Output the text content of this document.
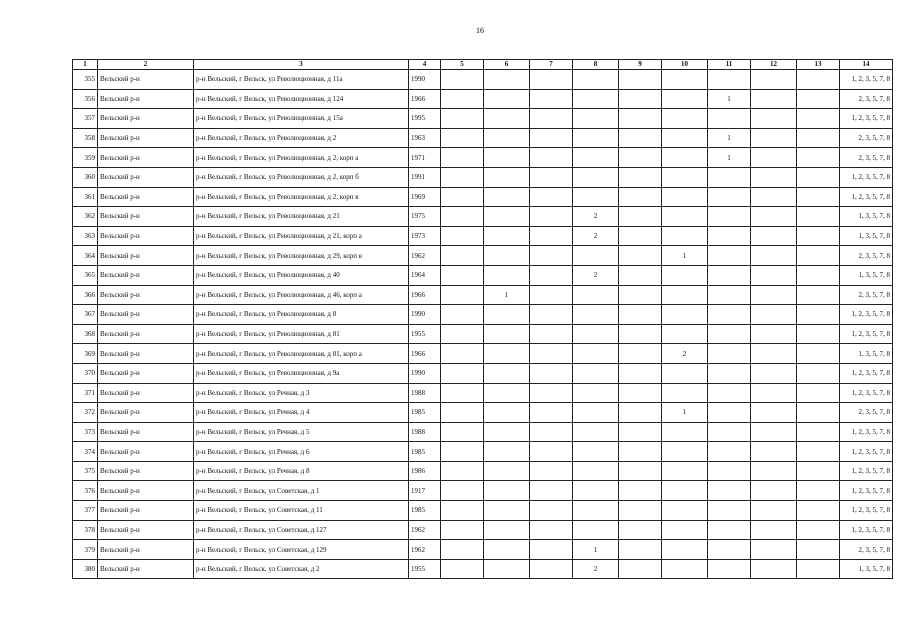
16
1	2	3	4	5	6	7	8	9	10	11	12	13	14
355	Вельский р-н	р-н Вельский, г Вельск, ул Революционная, д 11а	1990										1, 2, 3, 5, 7, 8
356	Вельский р-н	р-н Вельский, г Вельск, ул Революционная, д 124	1966							1			2, 3, 5, 7, 8
357	Вельский р-н	р-н Вельский, г Вельск, ул Революционная, д 15а	1995										1, 2, 3, 5, 7, 8
358	Вельский р-н	р-н Вельский, г Вельск, ул Революционная, д 2	1963							1			2, 3, 5, 7, 8
359	Вельский р-н	р-н Вельский, г Вельск, ул Революционная, д 2, корп а	1971							1			2, 3, 5, 7, 8
360	Вельский р-н	р-н Вельский, г Вельск, ул Революционная, д 2, корп б	1991										1, 2, 3, 5, 7, 8
361	Вельский р-н	р-н Вельский, г Вельск, ул Революционная, д 2, корп в	1969										1, 2, 3, 5, 7, 8
362	Вельский р-н	р-н Вельский, г Вельск, ул Революционная, д 21	1975				2						1, 3, 5, 7, 8
363	Вельский р-н	р-н Вельский, г Вельск, ул Революционная, д 21, корп а	1973				2						1, 3, 5, 7, 8
364	Вельский р-н	р-н Вельский, г Вельск, ул Революционная, д 29, корп в	1962						1				2, 3, 5, 7, 8
365	Вельский р-н	р-н Вельский, г Вельск, ул Революционная, д 40	1964				2						1, 3, 5, 7, 8
366	Вельский р-н	р-н Вельский, г Вельск, ул Революционная, д 46, корп а	1966		1								2, 3, 5, 7, 8
367	Вельский р-н	р-н Вельский, г Вельск, ул Революционная, д 8	1990										1, 2, 3, 5, 7, 8
368	Вельский р-н	р-н Вельский, г Вельск, ул Революционная, д 81	1955										1, 2, 3, 5, 7, 8
369	Вельский р-н	р-н Вельский, г Вельск, ул Революционная, д 81, корп а	1966						2				1, 3, 5, 7, 8
370	Вельский р-н	р-н Вельский, г Вельск, ул Революционная, д 9а	1990										1, 2, 3, 5, 7, 8
371	Вельский р-н	р-н Вельский, г Вельск, ул Речная, д 3	1988										1, 2, 3, 5, 7, 8
372	Вельский р-н	р-н Вельский, г Вельск, ул Речная, д 4	1985						1				2, 3, 5, 7, 8
373	Вельский р-н	р-н Вельский, г Вельск, ул Речная, д 5	1988										1, 2, 3, 5, 7, 8
374	Вельский р-н	р-н Вельский, г Вельск, ул Речная, д 6	1985										1, 2, 3, 5, 7, 8
375	Вельский р-н	р-н Вельский, г Вельск, ул Речная, д 8	1986										1, 2, 3, 5, 7, 8
376	Вельский р-н	р-н Вельский, г Вельск, ул Советская, д 1	1917										1, 2, 3, 5, 7, 8
377	Вельский р-н	р-н Вельский, г Вельск, ул Советская, д 11	1985										1, 2, 3, 5, 7, 8
378	Вельский р-н	р-н Вельский, г Вельск, ул Советская, д 127	1962										1, 2, 3, 5, 7, 8
379	Вельский р-н	р-н Вельский, г Вельск, ул Советская, д 129	1962				1						2, 3, 5, 7, 8
380	Вельский р-н	р-н Вельский, г Вельск, ул Советская, д 2	1955				2						1, 3, 5, 7, 8
